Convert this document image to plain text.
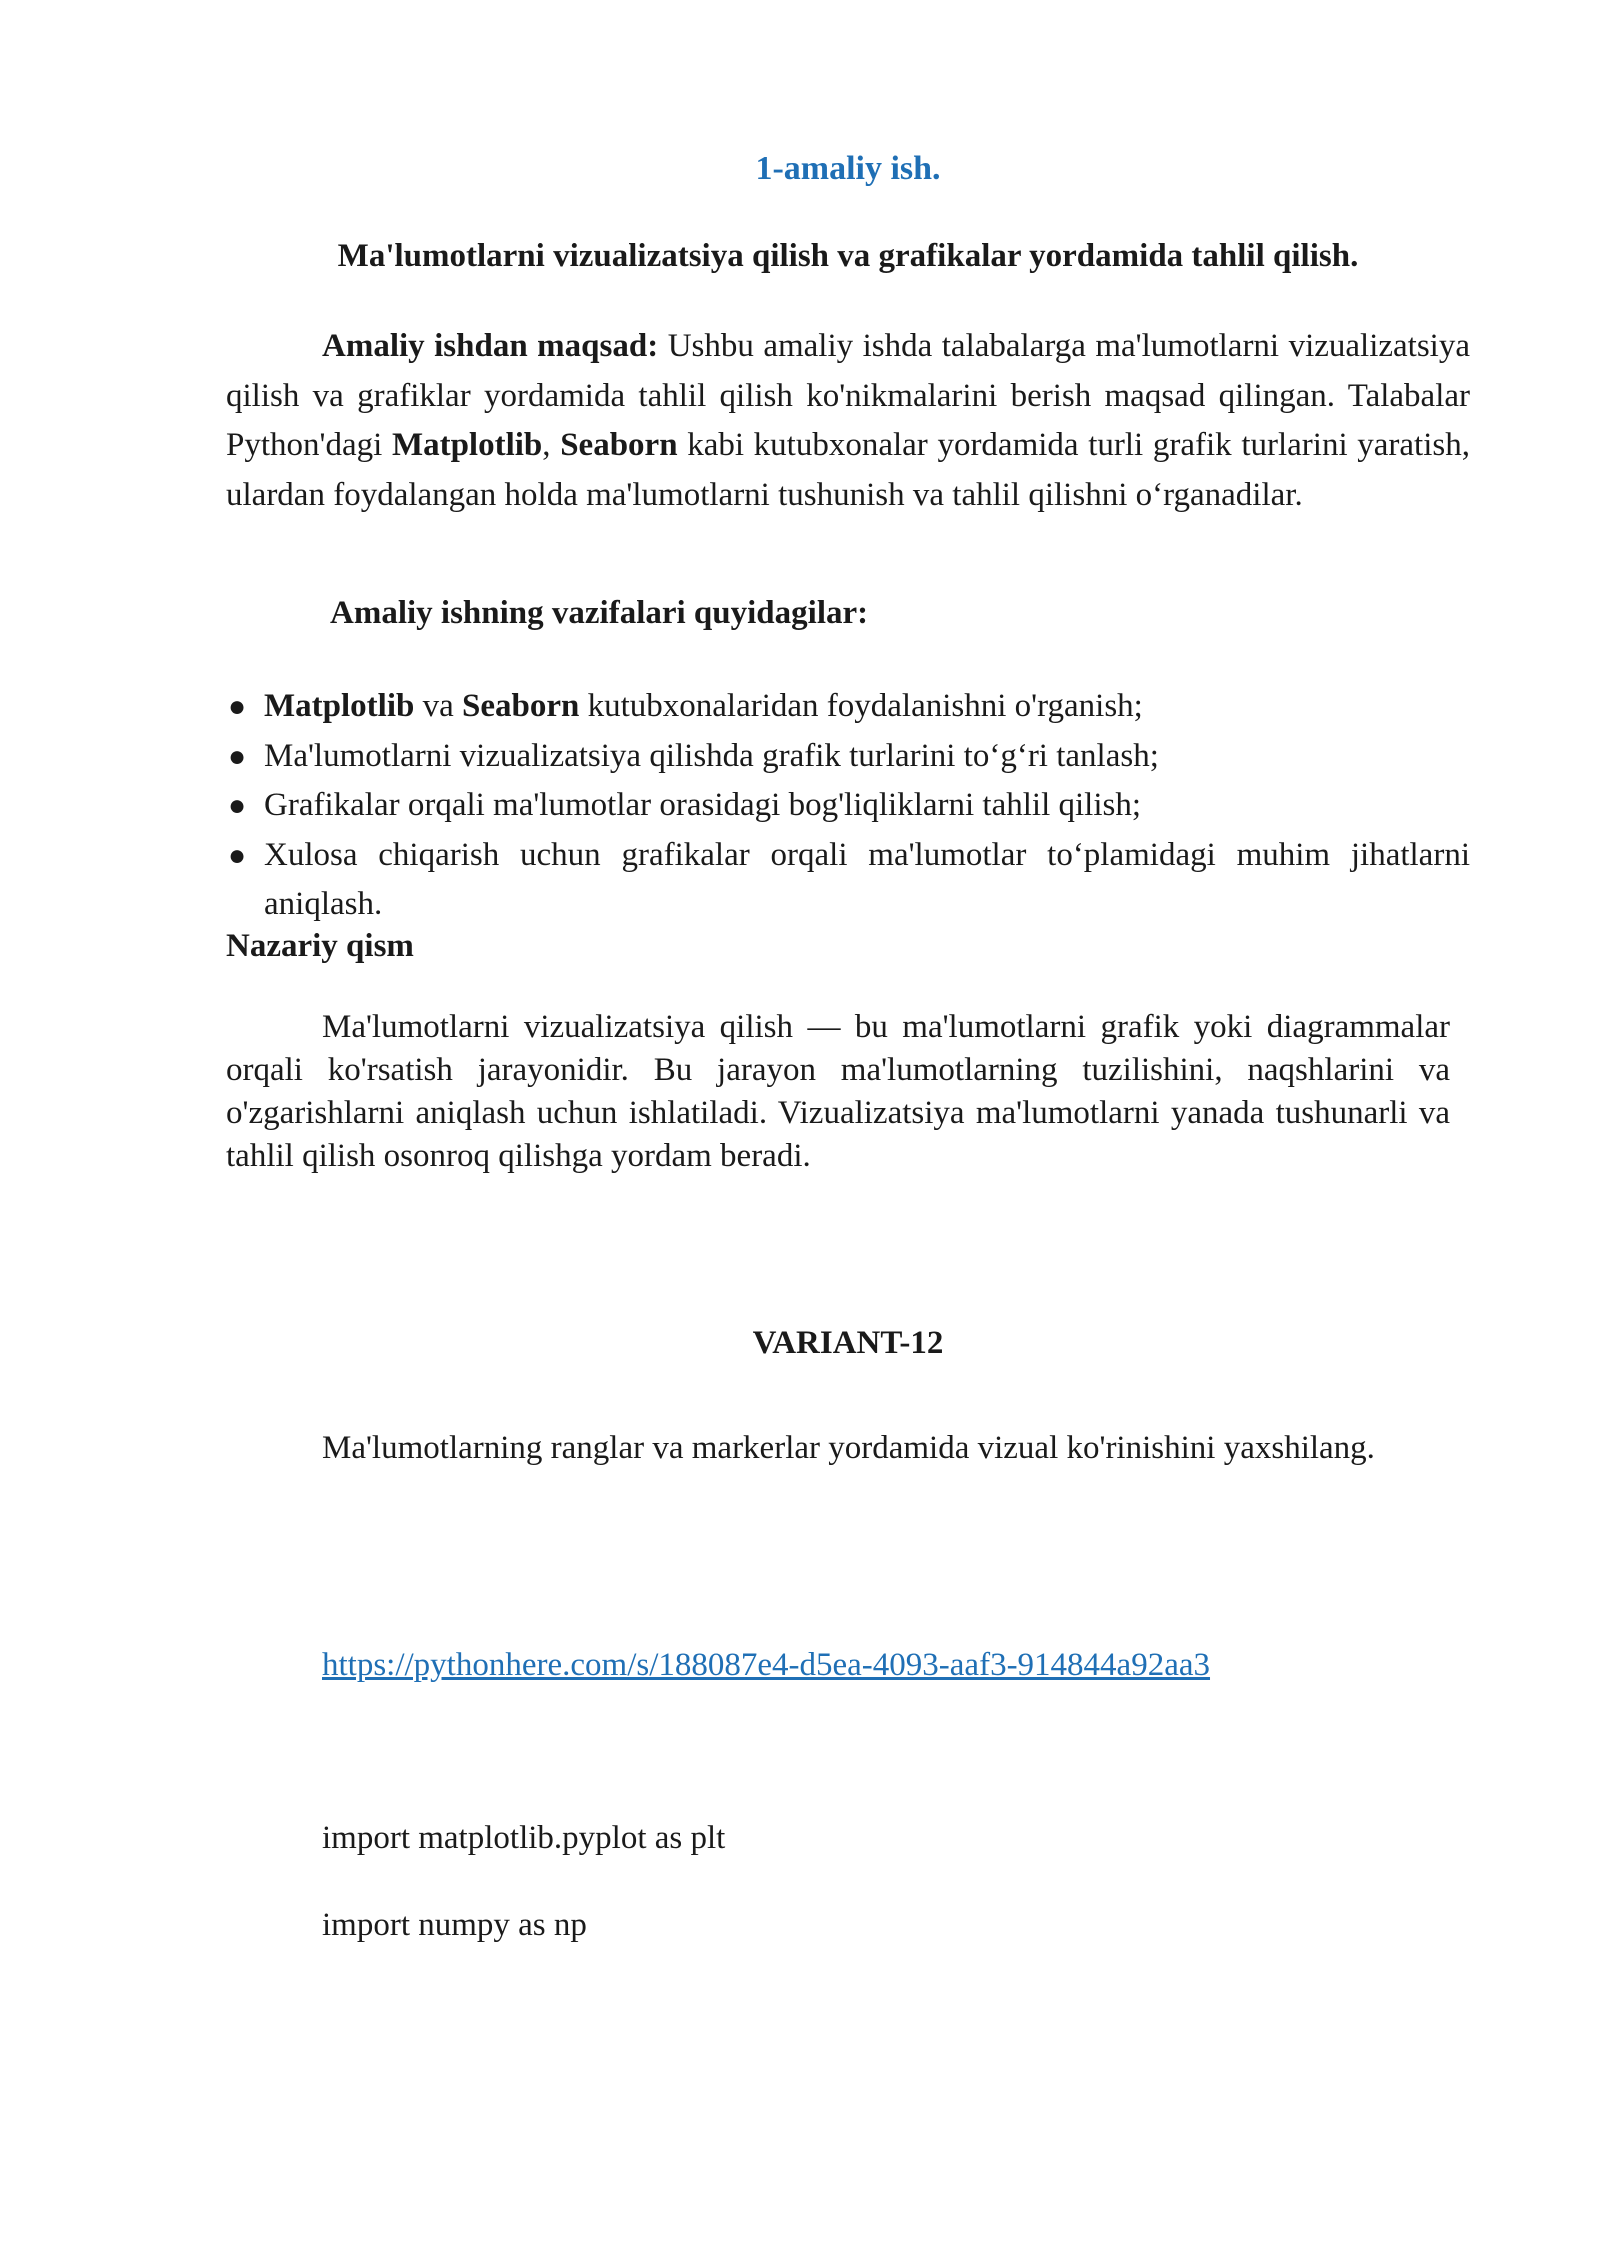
1-amaliy ish.
Ma'lumotlarni vizualizatsiya qilish va grafikalar yordamida tahlil qilish.

Amaliy ishdan maqsad: Ushbu amaliy ishda talabalarga ma'lumotlarni vizualizatsiya qilish va grafiklar yordamida tahlil qilish ko'nikmalarini berish maqsad qilingan. Talabalar Python'dagi Matplotlib, Seaborn kabi kutubxonalar yordamida turli grafik turlarini yaratish, ulardan foydalangan holda ma'lumotlarni tushunish va tahlil qilishni o‘rganadilar.

Amaliy ishning vazifalari quyidagilar:
● Matplotlib va Seaborn kutubxonalaridan foydalanishni o'rganish;
● Ma'lumotlarni vizualizatsiya qilishda grafik turlarini to‘g‘ri tanlash;
● Grafikalar orqali ma'lumotlar orasidagi bog'liqliklarni tahlil qilish;
● Xulosa chiqarish uchun grafikalar orqali ma'lumotlar to‘plamidagi muhim jihatlarni aniqlash.
Nazariy qism

Ma'lumotlarni vizualizatsiya qilish — bu ma'lumotlarni grafik yoki diagrammalar orqali ko'rsatish jarayonidir. Bu jarayon ma'lumotlarning tuzilishini, naqshlarini va o'zgarishlarni aniqlash uchun ishlatiladi. Vizualizatsiya ma'lumotlarni yanada tushunarli va tahlil qilish osonroq qilishga yordam beradi.

VARIANT-12

Ma'lumotlarning ranglar va markerlar yordamida vizual ko'rinishini yaxshilang.

https://pythonhere.com/s/188087e4-d5ea-4093-aaf3-914844a92aa3
import matplotlib.pyplot as plt
import numpy as np
